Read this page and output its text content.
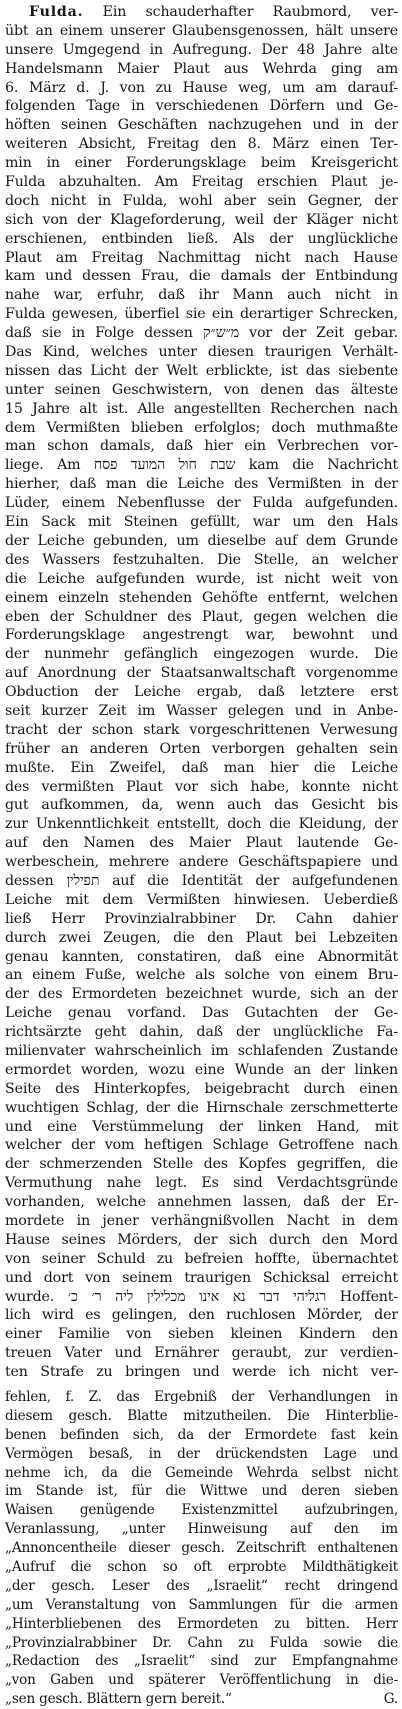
Fulda. Ein schauderhafter Raubmord, ver-
übt an einem unserer Glaubensgenossen, hält unsere
unsere Umgegend in Aufregung. Der 48 Jahre alte
Handelsmann Maier Plaut aus Wehrda ging am
6. März d. J. von zu Hause weg, um am darauf-
folgenden Tage in verschiedenen Dörfern und Ge-
höften seinen Geschäften nachzugehen und in der
weiteren Absicht, Freitag den 8. März einen Ter-
min in einer Forderungsklage beim Kreisgericht
Fulda abzuhalten. Am Freitag erschien Plaut je-
doch nicht in Fulda, wohl aber sein Gegner, der
sich von der Klageforderung, weil der Kläger nicht
erschienen, entbinden ließ. Als der unglückliche
Plaut am Freitag Nachmittag nicht nach Hause
kam und dessen Frau, die damals der Entbindung
nahe war, erfuhr, daß ihr Mann auch nicht in
Fulda gewesen, überfiel sie ein derartiger Schrecken,
daß sie in Folge dessen מ״ש״ק vor der Zeit gebar.
Das Kind, welches unter diesen traurigen Verhält-
nissen das Licht der Welt erblickte, ist das siebente
unter seinen Geschwistern, von denen das älteste
15 Jahre alt ist. Alle angestellten Recherchen nach
dem Vermißten blieben erfolglos; doch muthmaßte
man schon damals, daß hier ein Verbrechen vor-
liege. Am שבת חול המועד פסח kam die Nachricht
hierher, daß man die Leiche des Vermißten in der
Lüder, einem Nebenflusse der Fulda aufgefunden.
Ein Sack mit Steinen gefüllt, war um den Hals
der Leiche gebunden, um dieselbe auf dem Grunde
des Wassers festzuhalten. Die Stelle, an welcher
die Leiche aufgefunden wurde, ist nicht weit von
einem einzeln stehenden Gehöfte entfernt, welchen
eben der Schuldner des Plaut, gegen welchen die
Forderungsklage angestrengt war, bewohnt und
der nunmehr gefänglich eingezogen wurde. Die
auf Anordnung der Staatsanwaltschaft vorgenomme
Obduction der Leiche ergab, daß letztere erst
seit kurzer Zeit im Wasser gelegen und in Anbe-
tracht der schon stark vorgeschrittenen Verwesung
früher an anderen Orten verborgen gehalten sein
mußte. Ein Zweifel, daß man hier die Leiche
des vermißten Plaut vor sich habe, konnte nicht
gut aufkommen, da, wenn auch das Gesicht bis
zur Unkenntlichkeit entstellt, doch die Kleidung, der
auf den Namen des Maier Plaut lautende Ge-
werbeschein, mehrere andere Geschäftspapiere und
dessen תפילין auf die Identität der aufgefundenen
Leiche mit dem Vermißten hinwiesen. Ueberdieß
ließ Herr Provinzialrabbiner Dr. Cahn dahier
durch zwei Zeugen, die den Plaut bei Lebzeiten
genau kannten, constatiren, daß eine Abnormität
an einem Fuße, welche als solche von einem Bru-
der des Ermordeten bezeichnet wurde, sich an der
Leiche genau vorfand. Das Gutachten der Ge-
richtsärzte geht dahin, daß der unglückliche Fa-
milienvater wahrscheinlich im schlafenden Zustande
ermordet worden, wozu eine Wunde an der linken
Seite des Hinterkopfes, beigebracht durch einen
wuchtigen Schlag, der die Hirnschale zerschmetterte
und eine Verstümmelung der linken Hand, mit
welcher der vom heftigen Schlage Getroffene nach
der schmerzenden Stelle des Kopfes gegriffen, die
Vermuthung nahe legt. Es sind Verdachtsgründe
vorhanden, welche annehmen lassen, daß der Er-
mordete in jener verhängnißvollen Nacht in dem
Hause seines Mörders, der sich durch den Mord
von seiner Schuld zu befreien hoffte, übernachtet
und dort von seinem traurigen Schicksal erreicht
wurde. רגליהי דבר נא אינו מכלילין ליה ר׳ כ׳ Hoffent-
lich wird es gelingen, den ruchlosen Mörder, der
einer Familie von sieben kleinen Kindern den
treuen Vater und Ernährer geraubt, zur verdien-
ten Strafe zu bringen und werde ich nicht ver-
fehlen, f. Z. das Ergebniß der Verhandlungen in
diesem gesch. Blatte mitzutheilen. Die Hinterblie-
benen befinden sich, da der Ermordete fast kein
Vermögen besaß, in der drückendsten Lage und
nehme ich, da die Gemeinde Wehrda selbst nicht
im Stande ist, für die Wittwe und deren sieben
Waisen genügende Existenzmittel aufzubringen,
Veranlassung, „unter Hinweisung auf den im
„Annoncentheile dieser gesch. Zeitschrift enthaltenen
„Aufruf die schon so oft erprobte Mildthätigkeit
„der gesch. Leser des „Israelit“ recht dringend
„um Veranstaltung von Sammlungen für die armen
„Hinterbliebenen des Ermordeten zu bitten. Herr
„Provinzialrabbiner Dr. Cahn zu Fulda sowie die
„Redaction des „Israelit“ sind zur Empfangnahme
„von Gaben und späterer Veröffentlichung in die-
„sen gesch. Blättern gern bereit.“	G.
